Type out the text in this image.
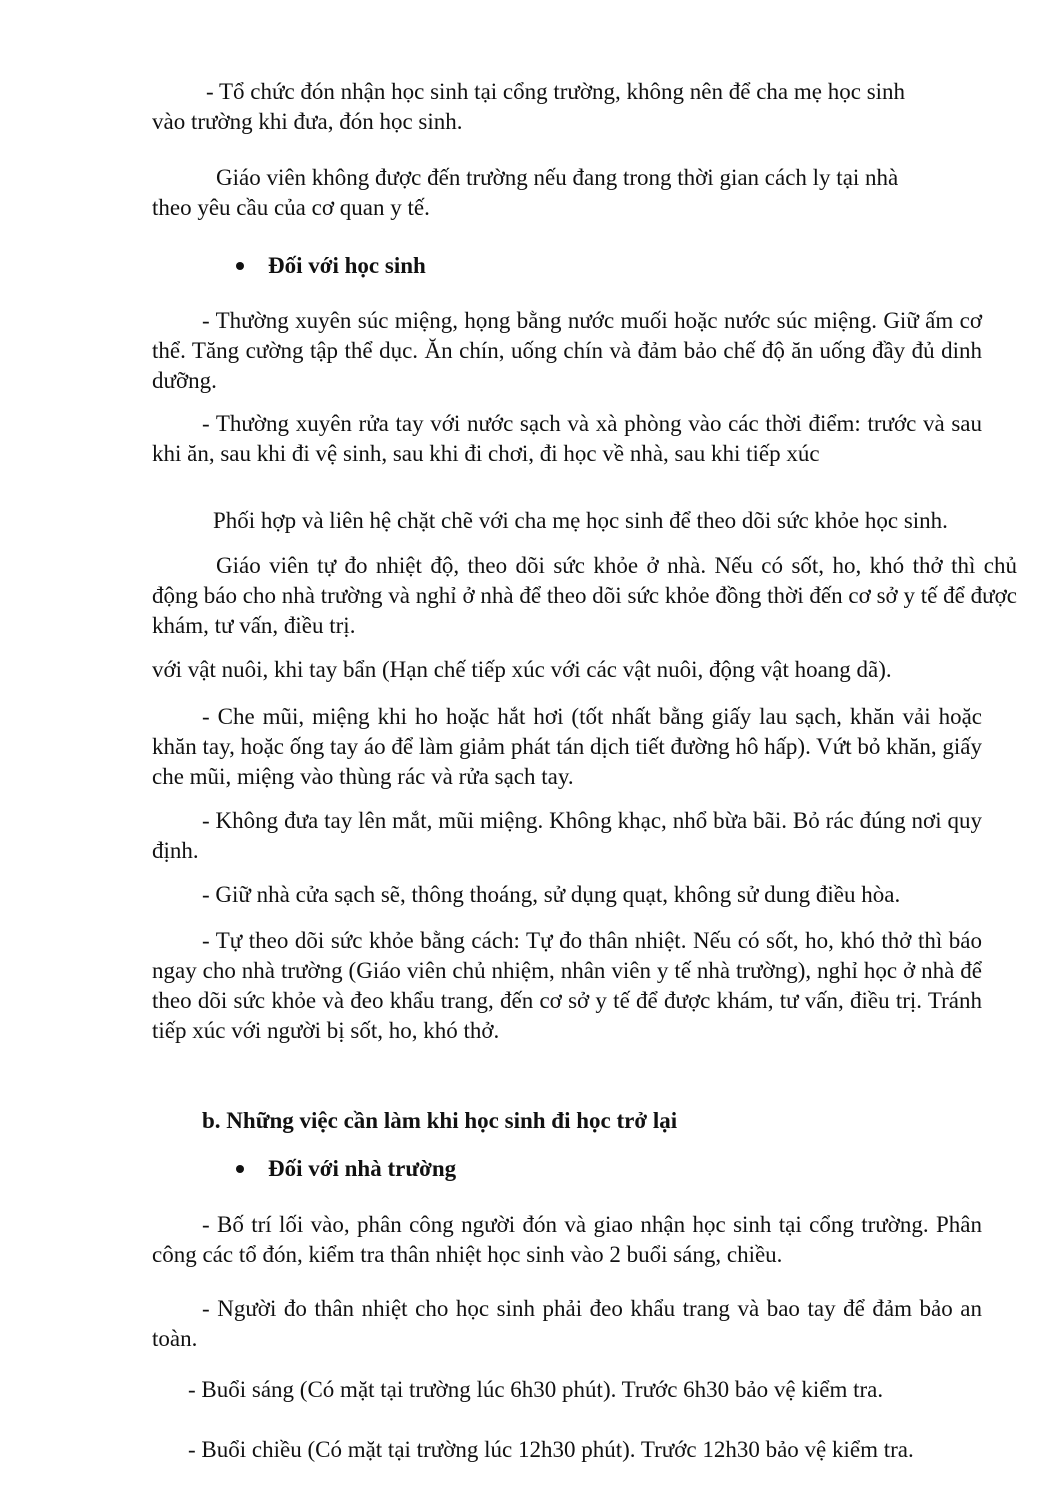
- Tổ chức đón nhận học sinh tại cổng trường, không nên để cha mẹ học sinh

vào trường khi đưa, đón học sinh.

Giáo viên không được đến trường nếu đang trong thời gian cách ly tại nhà

theo yêu cầu của cơ quan y tế.

Đối với học sinh

- Thường xuyên súc miệng, họng bằng nước muối hoặc nước súc miệng. Giữ ấm cơ thể. Tăng cường tập thể dục. Ăn chín, uống chín và đảm bảo chế độ ăn uống đầy đủ dinh dưỡng.

- Thường xuyên rửa tay với nước sạch và xà phòng vào các thời điểm: trước và sau khi ăn, sau khi đi vệ sinh, sau khi đi chơi, đi học về nhà, sau khi tiếp xúc

Phối hợp và liên hệ chặt chẽ với cha mẹ học sinh để theo dõi sức khỏe học sinh.

Giáo viên tự đo nhiệt độ, theo dõi sức khỏe ở nhà. Nếu có sốt, ho, khó thở thì chủ động báo cho nhà trường và nghỉ ở nhà để theo dõi sức khỏe đồng thời đến cơ sở y tế để được khám, tư vấn, điều trị.

với vật nuôi, khi tay bẩn (Hạn chế tiếp xúc với các vật nuôi, động vật hoang dã).

- Che mũi, miệng khi ho hoặc hắt hơi (tốt nhất bằng giấy lau sạch, khăn vải hoặc khăn tay, hoặc ống tay áo để làm giảm phát tán dịch tiết đường hô hấp). Vứt bỏ khăn, giấy che mũi, miệng vào thùng rác và rửa sạch tay.

- Không đưa tay lên mắt, mũi miệng. Không khạc, nhổ bừa bãi. Bỏ rác đúng nơi quy định.

- Giữ nhà cửa sạch sẽ, thông thoáng, sử dụng quạt, không sử dung điều hòa.

- Tự theo dõi sức khỏe bằng cách: Tự đo thân nhiệt. Nếu có sốt, ho, khó thở thì báo ngay cho nhà trường (Giáo viên chủ nhiệm, nhân viên y tế nhà trường), nghỉ học ở nhà để theo dõi sức khỏe và đeo khẩu trang, đến cơ sở y tế để được khám, tư vấn, điều trị. Tránh tiếp xúc với người bị sốt, ho, khó thở.

b. Những việc cần làm khi học sinh đi học trở lại

Đối với nhà trường

- Bố trí lối vào, phân công người đón và giao nhận học sinh tại cổng trường. Phân công các tổ đón, kiểm tra thân nhiệt học sinh vào 2 buổi sáng, chiều.

- Người đo thân nhiệt cho học sinh phải đeo khẩu trang và bao tay để đảm bảo an toàn.

- Buổi sáng (Có mặt tại trường lúc 6h30 phút). Trước 6h30 bảo vệ kiểm tra.

- Buổi chiều (Có mặt tại trường lúc 12h30 phút). Trước 12h30 bảo vệ kiểm tra.
